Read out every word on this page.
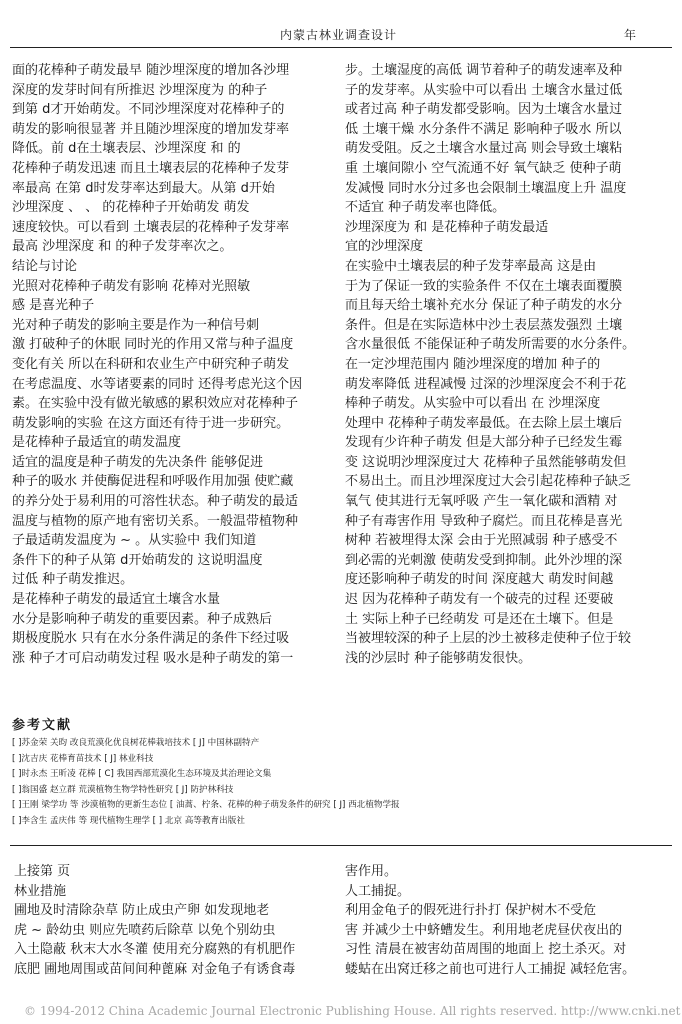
内蒙古林业调查设计	年
面的花棒种子萌发最早 随沙埋深度的增加各沙埋
深度的发芽时间有所推迟 沙埋深度为 的种子
到第 d才开始萌发。不同沙埋深度对花棒种子的
萌发的影响很显著 并且随沙埋深度的增加发芽率
降低。前 d在土壤表层、沙埋深度 和 的
花棒种子萌发迅速 而且土壤表层的花棒种子发芽
率最高 在第 d时发芽率达到最大。从第 d开始
沙埋深度 、 、 的花棒种子开始萌发 萌发
速度较快。可以看到 土壤表层的花棒种子发芽率
最高 沙埋深度 和 的种子发芽率次之。
结论与讨论
光照对花棒种子萌发有影响 花棒对光照敏
感 是喜光种子
光对种子萌发的影响主要是作为一种信号刺
激 打破种子的休眠 同时光的作用又常与种子温度
变化有关 所以在科研和农业生产中研究种子萌发
在考虑温度、水等诸要素的同时 还得考虑光这个因
素。在实验中没有做光敏感的累积效应对花棒种子
萌发影响的实验 在这方面还有待于进一步研究。
是花棒种子最适宜的萌发温度
适宜的温度是种子萌发的先决条件 能够促进
种子的吸水 并使酶促进程和呼吸作用加强 使贮藏
的养分处于易利用的可溶性状态。种子萌发的最适
温度与植物的原产地有密切关系。一般温带植物种
子最适萌发温度为 ~ 。从实验中 我们知道
条件下的种子从第 d开始萌发的 这说明温度
过低 种子萌发推迟。
是花棒种子萌发的最适宜土壤含水量
水分是影响种子萌发的重要因素。种子成熟后
期极度脱水 只有在水分条件满足的条件下经过吸
涨 种子才可启动萌发过程 吸水是种子萌发的第一
步。土壤湿度的高低 调节着种子的萌发速率及种
子的发芽率。从实验中可以看出 土壤含水量过低
或者过高 种子萌发都受影响。因为土壤含水量过
低 土壤干燥 水分条件不满足 影响种子吸水 所以
萌发受阻。反之土壤含水量过高 则会导致土壤粘
重 土壤间隙小 空气流通不好 氧气缺乏 使种子萌
发减慢 同时水分过多也会限制土壤温度上升 温度
不适宜 种子萌发率也降低。
沙埋深度为 和 是花棒种子萌发最适
宜的沙埋深度
在实验中土壤表层的种子发芽率最高 这是由
于为了保证一致的实验条件 不仅在土壤表面覆膜
而且每天给土壤补充水分 保证了种子萌发的水分
条件。但是在实际造林中沙土表层蒸发强烈 土壤
含水量很低 不能保证种子萌发所需要的水分条件。
在一定沙埋范围内 随沙埋深度的增加 种子的
萌发率降低 进程减慢 过深的沙埋深度会不利于花
棒种子萌发。从实验中可以看出 在 沙埋深度
处理中 花棒种子萌发率最低。在去除上层土壤后
发现有少许种子萌发 但是大部分种子已经发生霉
变 这说明沙埋深度过大 花棒种子虽然能够萌发但
不易出土。而且沙埋深度过大会引起花棒种子缺乏
氧气 使其进行无氧呼吸 产生一氧化碳和酒精 对
种子有毒害作用 导致种子腐烂。而且花棒是喜光
树种 若被埋得太深 会由于光照减弱 种子感受不
到必需的光刺激 使萌发受到抑制。此外沙埋的深
度还影响种子萌发的时间 深度越大 萌发时间越
迟 因为花棒种子萌发有一个破壳的过程 还要破
土 实际上种子已经萌发 可是还在土壤下。但是
当被埋较深的种子上层的沙土被移走使种子位于较
浅的沙层时 种子能够萌发很快。
参考文献
[ ]苏金荣 关昀 改良荒漠化优良树花棒栽培技术 [ J] 中国林副特产
[ ]沈吉庆 花棒育苗技术 [ J] 林业科技
[ ]时永杰 王昕凌 花棒 [ C] 我国西部荒漠化生态环境及其治理论文集
[ ]翁国盛 赵立群 荒漠植物生物学特性研究 [ J] 防护林科技
[ ]王刚 梁学功 等 沙漠植物的更新生态位 [ 油蒿、柠条、花棒的种子萌发条件的研究 [ J] 西北植物学报
[ ]李含生 孟庆伟 等 现代植物生理学 [ ] 北京 高等教育出版社
上接第 页
林业措施
圃地及时清除杂草 防止成虫产卵 如发现地老
虎 ~ 龄幼虫 则应先喷药后除草 以免个别幼虫
入土隐蔽 秋末大水冬灌 使用充分腐熟的有机肥作
底肥 圃地周围或苗间间种蓖麻 对金龟子有诱食毒
害作用。
人工捕捉。
利用金龟子的假死进行扑打 保护树木不受危
害 并减少土中蛴螬发生。利用地老虎昼伏夜出的
习性 清晨在被害幼苗周围的地面上 挖土杀灭。对
蝼蛄在出窝迁移之前也可进行人工捕捉 减轻危害。
© 1994-2012 China Academic Journal Electronic Publishing House. All rights reserved. http://www.cnki.net
